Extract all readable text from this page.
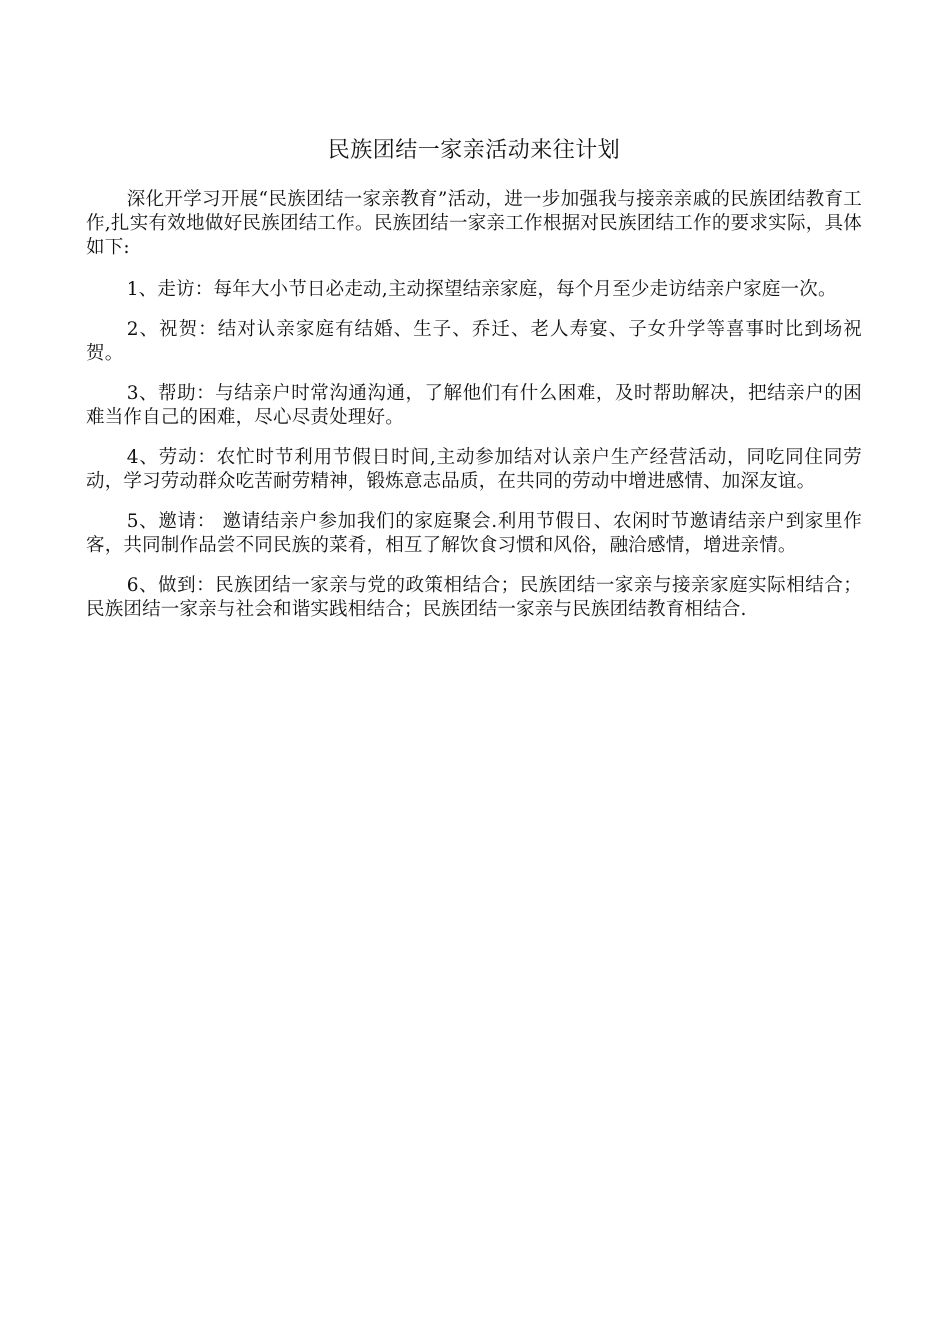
民族团结一家亲活动来往计划

深化开学习开展“民族团结一家亲教育”活动，进一步加强我与接亲亲戚的民族团结教育工作,扎实有效地做好民族团结工作。民族团结一家亲工作根据对民族团结工作的要求实际，具体如下:

1、走访：每年大小节日必走动,主动探望结亲家庭，每个月至少走访结亲户家庭一次。

2、祝贺：结对认亲家庭有结婚、生子、乔迁、老人寿宴、子女升学等喜事时比到场祝贺。

3、帮助：与结亲户时常沟通沟通，了解他们有什么困难，及时帮助解决，把结亲户的困难当作自己的困难，尽心尽责处理好。

4、劳动：农忙时节利用节假日时间,主动参加结对认亲户生产经营活动，同吃同住同劳动，学习劳动群众吃苦耐劳精神，锻炼意志品质，在共同的劳动中增进感情、加深友谊。

5、邀请： 邀请结亲户参加我们的家庭聚会.利用节假日、农闲时节邀请结亲户到家里作客，共同制作品尝不同民族的菜肴，相互了解饮食习惯和风俗，融洽感情，增进亲情。

6、做到：民族团结一家亲与党的政策相结合；民族团结一家亲与接亲家庭实际相结合；民族团结一家亲与社会和谐实践相结合；民族团结一家亲与民族团结教育相结合.
